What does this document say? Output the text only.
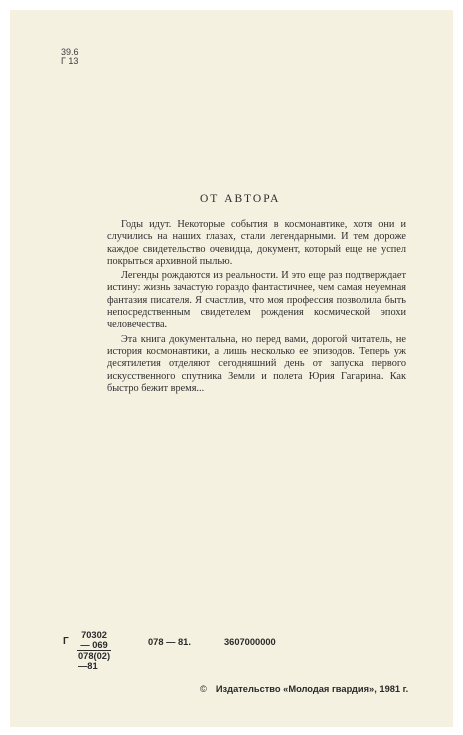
39.6
Г 13
ОТ АВТОРА

Годы идут. Некоторые события в космонавтике, хотя они и случились на наших глазах, стали легендарными. И тем дороже каждое свидетельство очевидца, документ, который еще не успел покрыться архивной пылью.

Легенды рождаются из реальности. И это еще раз подтверждает истину: жизнь зачастую гораздо фантастичнее, чем самая неуемная фантазия писателя. Я счастлив, что моя профессия позволила быть непосредственным свидетелем рождения космической эпохи человечества.

Эта книга документальна, но перед вами, дорогой читатель, не история космонавтики, а лишь несколько ее эпизодов. Теперь уж десятилетия отделяют сегодняшний день от запуска первого искусственного спутника Земли и полета Юрия Гагарина. Как быстро бежит время...

Г $\frac{70302 — 069}{078(02)—81}$	078 — 81.	3607000000
© Издательство «Молодая гвардия», 1981 г.
